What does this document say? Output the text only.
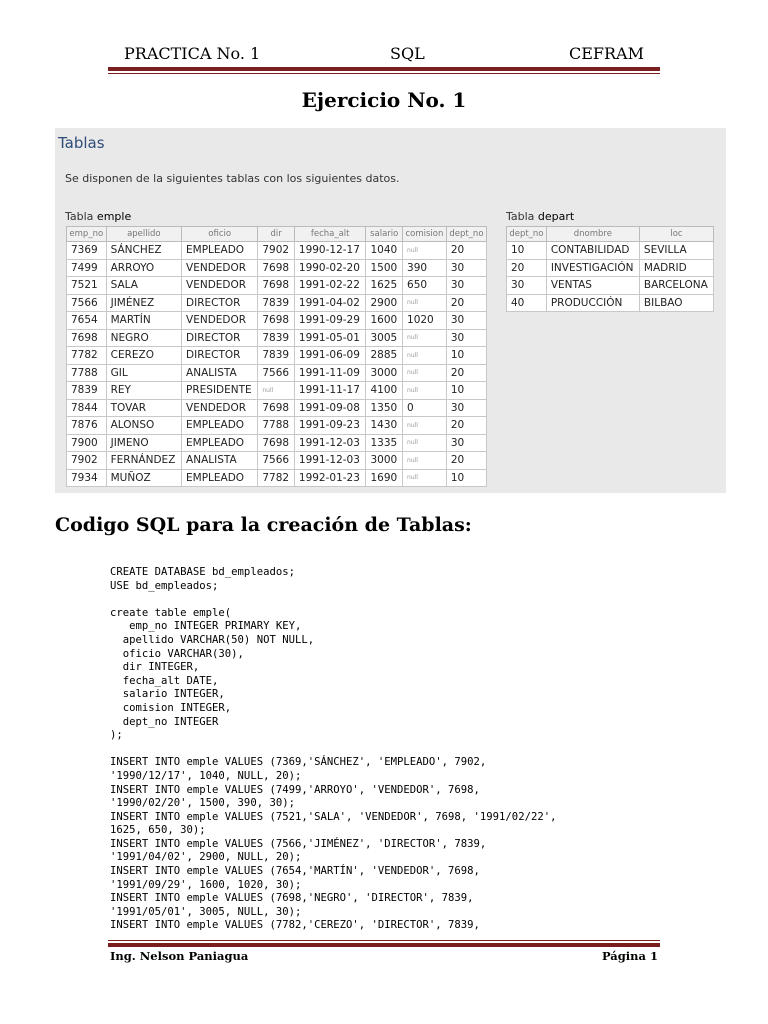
PRACTICA No. 1	SQL	CEFRAM
Ejercicio No. 1
Tablas
Se disponen de la siguientes tablas con los siguientes datos.
Tabla emple
emp_no	apellido	oficio	dir	fecha_alt	salario	comision	dept_no
7369	SÁNCHEZ	EMPLEADO	7902	1990-12-17	1040	null	20
7499	ARROYO	VENDEDOR	7698	1990-02-20	1500	390	30
7521	SALA	VENDEDOR	7698	1991-02-22	1625	650	30
7566	JIMÉNEZ	DIRECTOR	7839	1991-04-02	2900	null	20
7654	MARTÍN	VENDEDOR	7698	1991-09-29	1600	1020	30
7698	NEGRO	DIRECTOR	7839	1991-05-01	3005	null	30
7782	CEREZO	DIRECTOR	7839	1991-06-09	2885	null	10
7788	GIL	ANALISTA	7566	1991-11-09	3000	null	20
7839	REY	PRESIDENTE	null	1991-11-17	4100	null	10
7844	TOVAR	VENDEDOR	7698	1991-09-08	1350	0	30
7876	ALONSO	EMPLEADO	7788	1991-09-23	1430	null	20
7900	JIMENO	EMPLEADO	7698	1991-12-03	1335	null	30
7902	FERNÁNDEZ	ANALISTA	7566	1991-12-03	3000	null	20
7934	MUÑOZ	EMPLEADO	7782	1992-01-23	1690	null	10
Tabla depart
dept_no	dnombre	loc
10	CONTABILIDAD	SEVILLA
20	INVESTIGACIÓN	MADRID
30	VENTAS	BARCELONA
40	PRODUCCIÓN	BILBAO
Codigo SQL para la creación de Tablas:
CREATE DATABASE bd_empleados;
USE bd_empleados;

create table emple(
emp_no INTEGER PRIMARY KEY,
apellido VARCHAR(50) NOT NULL,
oficio VARCHAR(30),
dir INTEGER,
fecha_alt DATE,
salario INTEGER,
comision INTEGER,
dept_no INTEGER
);

INSERT INTO emple VALUES (7369,'SÁNCHEZ', 'EMPLEADO', 7902,
'1990/12/17', 1040, NULL, 20);
INSERT INTO emple VALUES (7499,'ARROYO', 'VENDEDOR', 7698,
'1990/02/20', 1500, 390, 30);
INSERT INTO emple VALUES (7521,'SALA', 'VENDEDOR', 7698, '1991/02/22',
1625, 650, 30);
INSERT INTO emple VALUES (7566,'JIMÉNEZ', 'DIRECTOR', 7839,
'1991/04/02', 2900, NULL, 20);
INSERT INTO emple VALUES (7654,'MARTÍN', 'VENDEDOR', 7698,
'1991/09/29', 1600, 1020, 30);
INSERT INTO emple VALUES (7698,'NEGRO', 'DIRECTOR', 7839,
'1991/05/01', 3005, NULL, 30);
INSERT INTO emple VALUES (7782,'CEREZO', 'DIRECTOR', 7839,
Ing. Nelson Paniagua	Página 1
